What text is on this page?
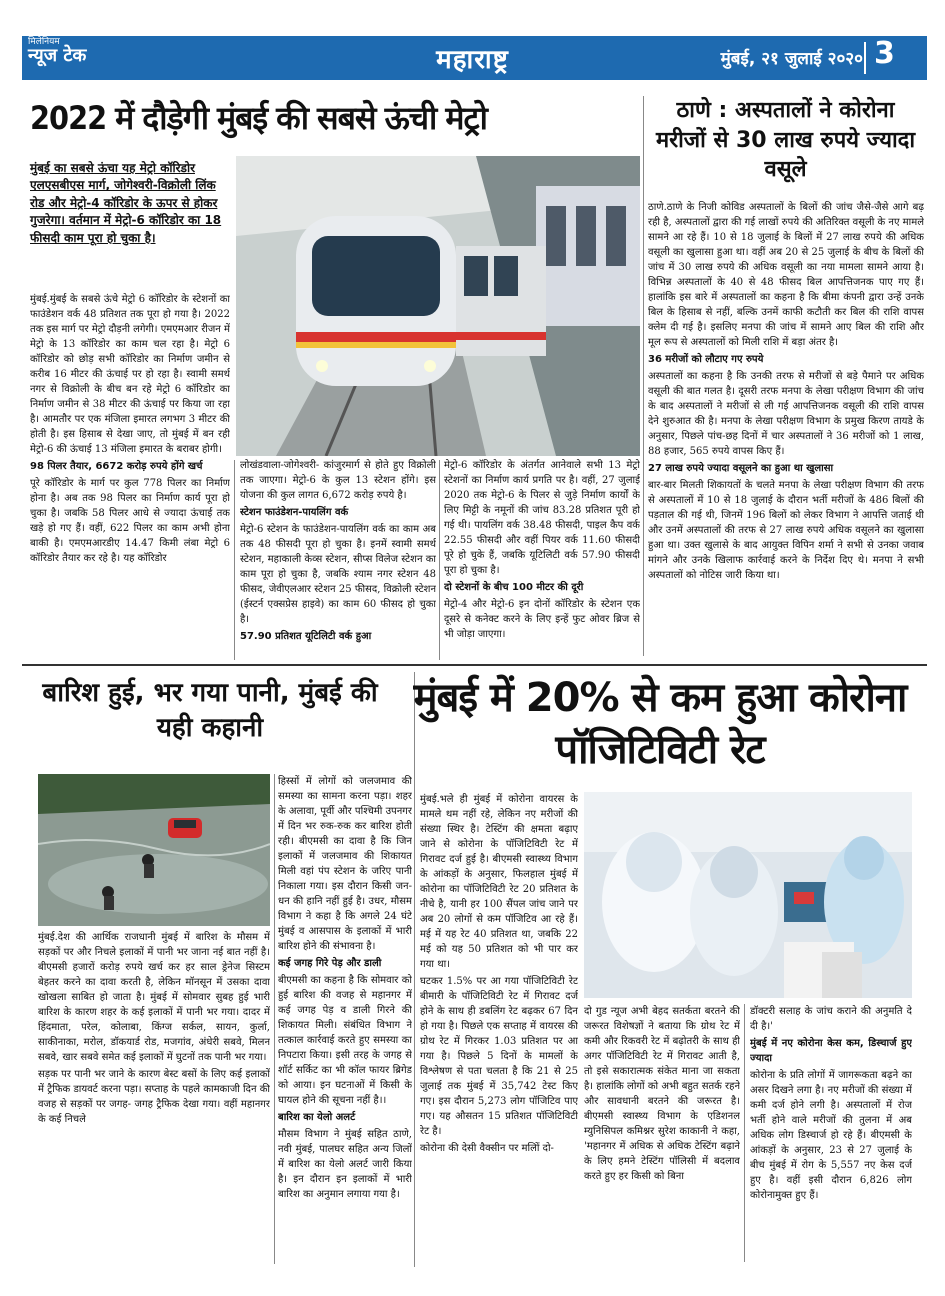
मिलेनियम
न्यूज टेक	महाराष्ट्र	मुंबई, २१ जुलाई २०२० 3
2022 में दौड़ेगी मुंबई की सबसे ऊंची मेट्रो
मुंबई का सबसे ऊंचा यह मेट्रो कॉरिडोर एलएसबीएस मार्ग, जोगेश्वरी-विक्रोली लिंक रोड और मेट्रो-4 कॉरिडोर के ऊपर से होकर गुजरेगा। वर्तमान में मेट्रो-6 कॉरिडोर का 18 फीसदी काम पूरा हो चुका है।

मुंबई.मुंबई के सबसे ऊंचे मेट्रो 6 कॉरिडोर के स्टेशनों का फाउंडेशन वर्क 48 प्रतिशत तक पूरा हो गया है। 2022 तक इस मार्ग पर मेट्रो दौड़नी लगेगी। एमएमआर रीजन में मेट्रो के 13 कॉरिडोर का काम चल रहा है। मेट्रो 6 कॉरिडोर को छोड़ सभी कॉरिडोर का निर्माण जमीन से करीब 16 मीटर की ऊंचाई पर हो रहा है। स्वामी समर्थ नगर से विक्रोली के बीच बन रहे मेट्रो 6 कॉरिडोर का निर्माण जमीन से 38 मीटर की ऊंचाई पर किया जा रहा है। आमतौर पर एक मंजिला इमारत लगभग 3 मीटर की होती है। इस हिसाब से देखा जाए, तो मुंबई में बन रही मेट्रो-6 की ऊंचाई 13 मंजिला इमारत के बराबर होगी।

98 पिलर तैयार, 6672 करोड़ रुपये होंगे खर्च

पूरे कॉरिडोर के मार्ग पर कुल 778 पिलर का निर्माण होना है। अब तक 98 पिलर का निर्माण कार्य पूरा हो चुका है। जबकि 58 पिलर आधे से ज्यादा ऊंचाई तक खड़े हो गए हैं। वहीं, 622 पिलर का काम अभी होना बाकी है। एमएमआरडीए 14.47 किमी लंबा मेट्रो 6 कॉरिडोर तैयार कर रहे है। यह कॉरिडोर

लोखंडवाला-जोगेश्वरी- कांजुरमार्ग से होते हुए विक्रोली तक जाएगा। मेट्रो-6 के कुल 13 स्टेशन होंगे। इस योजना की कुल लागत 6,672 करोड़ रुपये है।

स्टेशन फाउंडेशन-पायलिंग वर्क

मेट्रो-6 स्टेशन के फाउंडेशन-पायलिंग वर्क का काम अब तक 48 फीसदी पूरा हो चुका है। इनमें स्वामी समर्थ स्टेशन, महाकाली केव्स स्टेशन, सीप्स विलेज स्टेशन का काम पूरा हो चुका है, जबकि श्याम नगर स्टेशन 48 फीसद, जेवीएलआर स्टेशन 25 फीसद, विक्रोली स्टेशन (ईस्टर्न एक्सप्रेस हाइवे) का काम 60 फीसद हो चुका है।

57.90 प्रतिशत यूटिलिटी वर्क हुआ

मेट्रो-6 कॉरिडोर के अंतर्गत आनेवाले सभी 13 मेट्रो स्टेशनों का निर्माण कार्य प्रगति पर है। वहीं, 27 जुलाई 2020 तक मेट्रो-6 के पिलर से जुड़े निर्माण कार्यों के लिए मिट्टी के नमूनों की जांच 83.28 प्रतिशत पूरी हो गई थी। पायलिंग वर्क 38.48 फीसदी, पाइल कैप वर्क 22.55 फीसदी और वहीं पियर वर्क 11.60 फीसदी पूरे हो चुके हैं, जबकि यूटिलिटी वर्क 57.90 फीसदी पूरा हो चुका है।

दो स्टेशनों के बीच 100 मीटर की दूरी

मेट्रो-4 और मेट्रो-6 इन दोनों कॉरिडोर के स्टेशन एक दूसरे से कनेक्ट करने के लिए इन्हें फुट ओवर ब्रिज से भी जोड़ा जाएगा।

ठाणे : अस्पतालों ने कोरोना मरीजों से 30 लाख रुपये ज्यादा वसूले

ठाणे.ठाणे के निजी कोविड अस्पतालों के बिलों की जांच जैसे-जैसे आगे बढ़ रही है, अस्पतालों द्वारा की गई लाखों रुपये की अतिरिक्त वसूली के नए मामले सामने आ रहे हैं। 10 से 18 जुलाई के बिलों में 27 लाख रुपये की अधिक वसूली का खुलासा हुआ था। वहीं अब 20 से 25 जुलाई के बीच के बिलों की जांच में 30 लाख रुपये की अधिक वसूली का नया मामला सामने आया है। विभिन्न अस्पतालों के 40 से 48 फीसद बिल आपत्तिजनक पाए गए हैं। हालांकि इस बारे में अस्पतालों का कहना है कि बीमा कंपनी द्वारा उन्हें उनके बिल के हिसाब से नहीं, बल्कि उनमें काफी कटौती कर बिल की राशि वापस क्लेम दी गई है। इसलिए मनपा की जांच में सामने आए बिल की राशि और मूल रूप से अस्पतालों को मिली राशि में बड़ा अंतर है।

36 मरीजों को लौटाए गए रुपये

अस्पतालों का कहना है कि उनकी तरफ से मरीजों से बड़े पैमाने पर अधिक वसूली की बात गलत है। दूसरी तरफ मनपा के लेखा परीक्षण विभाग की जांच के बाद अस्पतालों ने मरीजों से ली गई आपत्तिजनक वसूली की राशि वापस देने शुरुआत की है। मनपा के लेखा परीक्षण विभाग के प्रमुख किरण तायडे के अनुसार, पिछले पांच-छह दिनों में चार अस्पतालों ने 36 मरीजों को 1 लाख, 88 हजार, 565 रुपये वापस किए हैं।

27 लाख रुपये ज्यादा वसूलने का हुआ था खुलासा

बार-बार मिलती शिकायतों के चलते मनपा के लेखा परीक्षण विभाग की तरफ से अस्पतालों में 10 से 18 जुलाई के दौरान भर्ती मरीजों के 486 बिलों की पड़ताल की गई थी, जिनमें 196 बिलों को लेकर विभाग ने आपत्ति जताई थी और उनमें अस्पतालों की तरफ से 27 लाख रुपये अधिक वसूलने का खुलासा हुआ था। उक्त खुलासे के बाद आयुक्त विपिन शर्मा ने सभी से उनका जवाब मांगने और उनके खिलाफ कार्रवाई करने के निर्देश दिए थे। मनपा ने सभी अस्पतालों को नोटिस जारी किया था।

बारिश हुई, भर गया पानी, मुंबई की यही कहानी

मुंबई.देश की आर्थिक राजधानी मुंबई में बारिश के मौसम में सड़कों पर और निचले इलाकों में पानी भर जाना नई बात नहीं है। बीएमसी हजारों करोड़ रुपये खर्च कर हर साल ड्रेनेज सिस्टम बेहतर करने का दावा करती है, लेकिन मॉनसून में उसका दावा खोखला साबित हो जाता है। मुंबई में सोमवार सुबह हुई भारी बारिश के कारण शहर के कई इलाकों में पानी भर गया। दादर में हिंदमाता, परेल, कोलाबा, किंग्ज सर्कल, सायन, कुर्ला, साकीनाका, मरोल, डॉकयार्ड रोड, मजगांव, अंधेरी सबवे, मिलन सबवे, खार सबवे समेत कई इलाकों में घुटनों तक पानी भर गया।

सड़क पर पानी भर जाने के कारण बेस्ट बसों के लिए कई इलाकों में ट्रैफिक डायवर्ट करना पड़ा। सप्ताह के पहले कामकाजी दिन की वजह से सड़कों पर जगह- जगह ट्रैफिक देखा गया। वहीं महानगर के कई निचले

हिस्सों में लोगों को जलजमाव की समस्या का सामना करना पड़ा। शहर के अलावा, पूर्वी और पश्चिमी उपनगर में दिन भर रुक-रुक कर बारिश होती रही। बीएमसी का दावा है कि जिन इलाकों में जलजमाव की शिकायत मिली वहां पंप स्टेशन के जरिए पानी निकाला गया। इस दौरान किसी जन-धन की हानि नहीं हुई है। उधर, मौसम विभाग ने कहा है कि अगले 24 घंटे मुंबई व आसपास के इलाकों में भारी बारिश होने की संभावना है।

कई जगह गिरे पेड़ और डाली

बीएमसी का कहना है कि सोमवार को हुई बारिश की वजह से महानगर में कई जगह पेड़ व डाली गिरने की शिकायत मिली। संबंधित विभाग ने तत्काल कार्रवाई करते हुए समस्या का निपटारा किया। इसी तरह के जगह से शॉर्ट सर्किट का भी कॉल फायर ब्रिगेड को आया। इन घटनाओं में किसी के घायल होने की सूचना नहीं है।।

बारिश का येलो अलर्ट

मौसम विभाग ने मुंबई सहित ठाणे, नवी मुंबई, पालघर सहित अन्य जिलों में बारिश का येलो अलर्ट जारी किया है। इन दौरान इन इलाकों में भारी बारिश का अनुमान लगाया गया है।

मुंबई में 20% से कम हुआ कोरोना पॉजिटिविटी रेट

मुंबई.भले ही मुंबई में कोरोना वायरस के मामले थम नहीं रहे, लेकिन नए मरीजों की संख्या स्थिर है। टेस्टिंग की क्षमता बढ़ाए जाने से कोरोना के पॉजिटिविटी रेट में गिरावट दर्ज हुई है। बीएमसी स्वास्थ्य विभाग के आंकड़ों के अनुसार, फिलहाल मुंबई में कोरोना का पॉजिटिविटी रेट 20 प्रतिशत के नीचे है, यानी हर 100 सैंपल जांच जाने पर अब 20 लोगों से कम पॉजिटिव आ रहे हैं। मई में यह रेट 40 प्रतिशत था, जबकि 22 मई को यह 50 प्रतिशत को भी पार कर गया था।

घटकर 1.5% पर आ गया पॉजिटिविटी रेट बीमारी के पॉजिटिविटी रेट में गिरावट दर्ज होने के साथ ही डबलिंग रेट बढ़कर 67 दिन हो गया है। पिछले एक सप्ताह में वायरस की ग्रोथ रेट में गिरकर 1.03 प्रतिशत पर आ गया है। पिछले 5 दिनों के मामलों के विश्लेषण से पता चलता है कि 21 से 25 जुलाई तक मुंबई में 35,742 टेस्ट किए गए। इस दौरान 5,273 लोग पॉजिटिव पाए गए। यह औसतन 15 प्रतिशत पॉजिटिविटी रेट है।

कोरोना की देसी वैक्सीन पर मलिों दो-

दो गुड न्यूज अभी बेहद सतर्कता बरतने की जरूरत विशेषज्ञों ने बताया कि ग्रोथ रेट में कमी और रिकवरी रेट में बढ़ोतरी के साथ ही अगर पॉजिटिविटी रेट में गिरावट आती है, तो इसे सकारात्मक संकेत माना जा सकता है। हालांकि लोगों को अभी बहुत सतर्क रहने और सावधानी बरतने की जरूरत है। बीएमसी स्वास्थ्य विभाग के एडिशनल म्युनिसिपल कमिश्नर सुरेश काकानी ने कहा, 'महानगर में अधिक से अधिक टेस्टिंग बढ़ाने के लिए हमने टेस्टिंग पॉलिसी में बदलाव करते हुए हर किसी को बिना

डॉक्टरी सलाह के जांच कराने की अनुमति दे दी है।'

मुंबई में नए कोरोना केस कम, डिस्चार्ज हुए ज्यादा

कोरोना के प्रति लोगों में जागरूकता बढ़ने का असर दिखने लगा है। नए मरीजों की संख्या में कमी दर्ज होने लगी है। अस्पतालों में रोज भर्ती होने वाले मरीजों की तुलना में अब अधिक लोग डिस्चार्ज हो रहे हैं। बीएमसी के आंकड़ों के अनुसार, 23 से 27 जुलाई के बीच मुंबई में रोग के 5,557 नए केस दर्ज हुए है। वहीं इसी दौरान 6,826 लोग कोरोनामुक्त हुए हैं।
